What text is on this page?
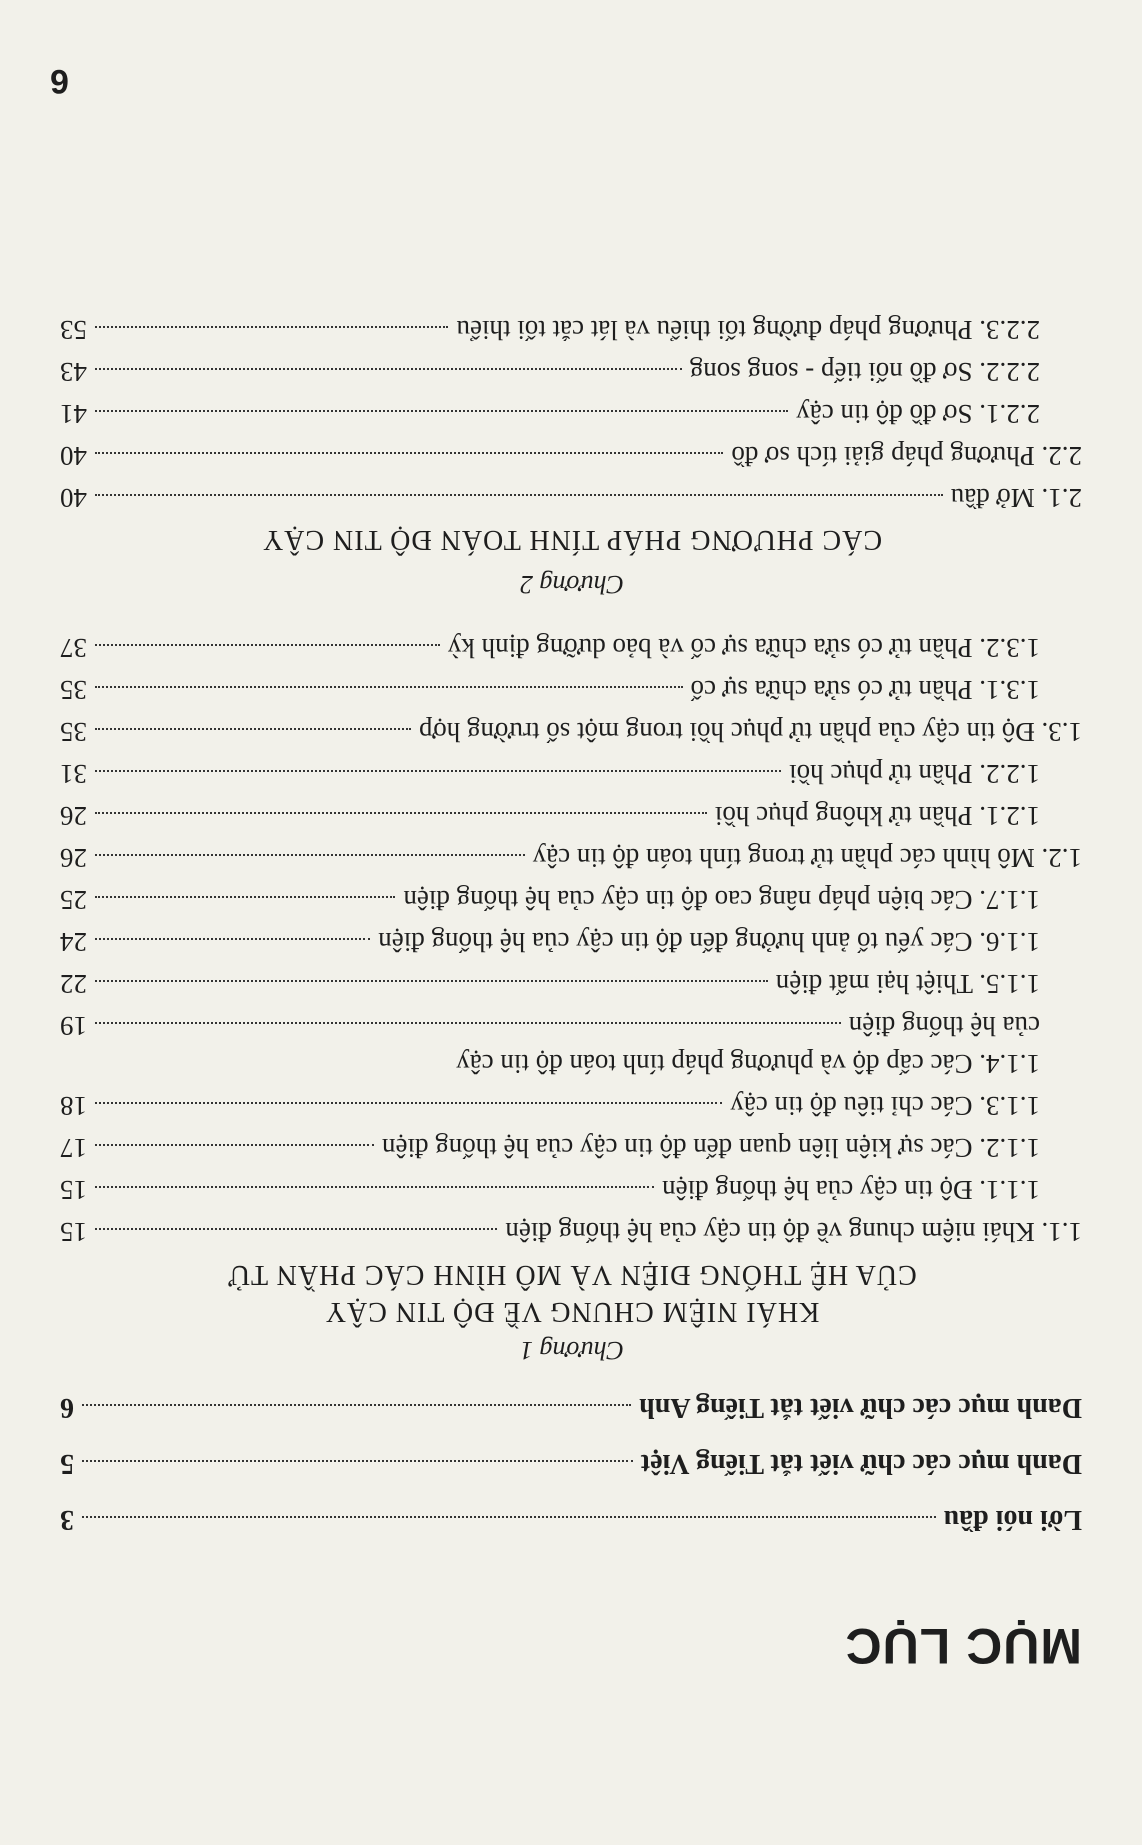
MỤC LỤC
Lời nói đầu
3
Danh mục các chữ viết tắt Tiếng Việt
5
Danh mục các chữ viết tắt Tiếng Anh
6
Chương 1
KHÁI NIỆM CHUNG VỀ ĐỘ TIN CẬY
CỦA HỆ THỐNG ĐIỆN VÀ MÔ HÌNH CÁC PHẦN TỬ
1.1. Khái niệm chung về độ tin cậy của hệ thống điện
15
1.1.1. Độ tin cậy của hệ thống điện
15
1.1.2. Các sự kiện liên quan đến độ tin cậy của hệ thống điện
17
1.1.3. Các chỉ tiêu độ tin cậy
18
1.1.4. Các cấp độ và phương pháp tính toán độ tin cậy
của hệ thống điện
19
1.1.5. Thiệt hại mất điện
22
1.1.6. Các yếu tố ảnh hưởng đến độ tin cậy của hệ thống điện
24
1.1.7. Các biện pháp nâng cao độ tin cậy của hệ thống điện
25
1.2. Mô hình các phần tử trong tính toán độ tin cậy
26
1.2.1. Phần tử không phục hồi
26
1.2.2. Phần tử phục hồi
31
1.3. Độ tin cậy của phần tử phục hồi trong một số trường hợp
35
1.3.1. Phần tử có sửa chữa sự cố
35
1.3.2. Phần tử có sửa chữa sự cố và bảo dưỡng định kỳ
37
Chương 2
CÁC PHƯƠNG PHÁP TÍNH TOÁN ĐỘ TIN CẬY
2.1. Mở đầu
40
2.2. Phương pháp giải tích sơ đồ
40
2.2.1. Sơ đồ độ tin cậy
41
2.2.2. Sơ đồ nối tiếp - song song
43
2.2.3. Phương pháp đường tối thiểu và lát cắt tối thiểu
53
6
